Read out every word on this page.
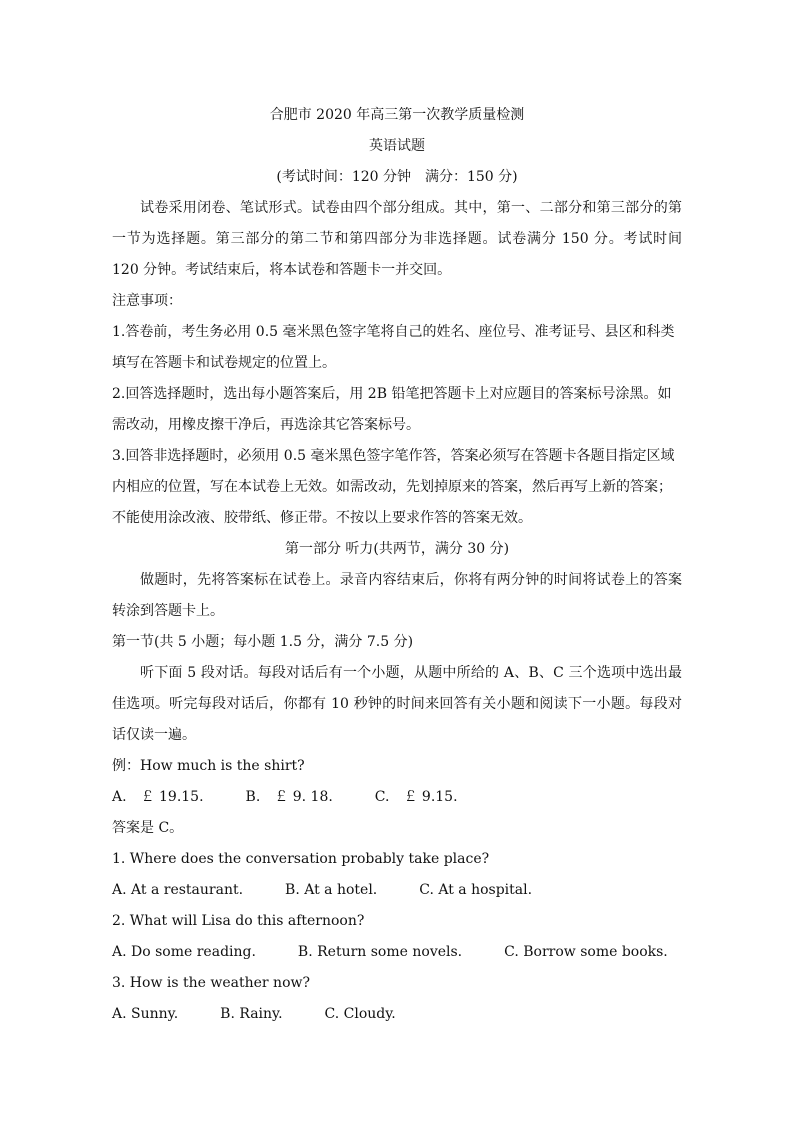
合肥市 2020 年高三第一次教学质量检测
英语试题
(考试时间：120 分钟　满分：150 分)
试卷采用闭卷、笔试形式。试卷由四个部分组成。其中，第一、二部分和第三部分的第一节为选择题。第三部分的第二节和第四部分为非选择题。试卷满分 150 分。考试时间 120 分钟。考试结束后，将本试卷和答题卡一并交回。
注意事项：
1.答卷前，考生务必用 0.5 毫米黑色签字笔将自己的姓名、座位号、准考证号、县区和科类填写在答题卡和试卷规定的位置上。
2.回答选择题时，选出每小题答案后，用 2B 铅笔把答题卡上对应题目的答案标号涂黑。如需改动，用橡皮擦干净后，再选涂其它答案标号。
3.回答非选择题时，必须用 0.5 毫米黑色签字笔作答，答案必须写在答题卡各题目指定区域内相应的位置，写在本试卷上无效。如需改动，先划掉原来的答案，然后再写上新的答案；不能使用涂改液、胶带纸、修正带。不按以上要求作答的答案无效。
第一部分 听力(共两节，满分 30 分)
做题时，先将答案标在试卷上。录音内容结束后，你将有两分钟的时间将试卷上的答案转涂到答题卡上。
第一节(共 5 小题；每小题 1.5 分，满分 7.5 分)
听下面 5 段对话。每段对话后有一个小题，从题中所给的 A、B、C 三个选项中选出最佳选项。听完每段对话后，你都有 10 秒钟的时间来回答有关小题和阅读下一小题。每段对话仅读一遍。
例：How much is the shirt?
A.　￡ 19.15.　　　B.　￡ 9. 18.　　　C.　￡ 9.15.
答案是 C。
1. Where does the conversation probably take place?
A. At a restaurant.　　　B. At a hotel.　　　C. At a hospital.
2. What will Lisa do this afternoon?
A. Do some reading.　　　B. Return some novels.　　　C. Borrow some books.
3. How is the weather now?
A. Sunny.　　　B. Rainy.　　　C. Cloudy.
